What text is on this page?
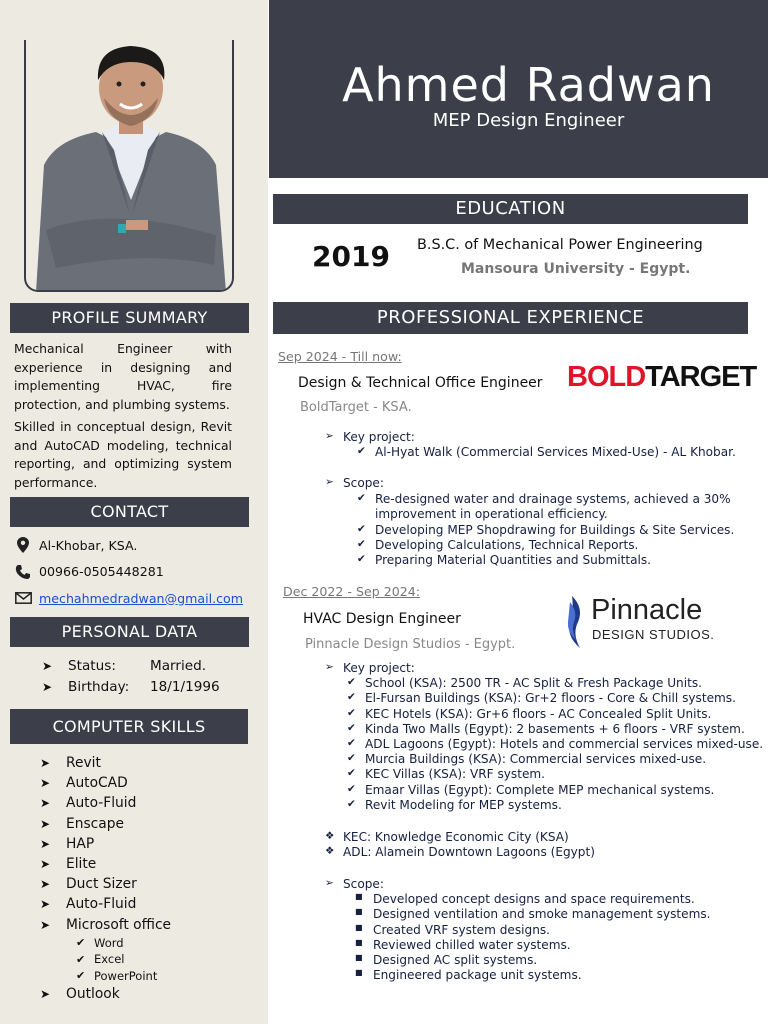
PROFILE SUMMARY

Mechanical Engineer with experience in designing and implementing HVAC, fire protection, and plumbing systems.

Skilled in conceptual design, Revit and AutoCAD modeling, technical reporting, and optimizing system performance.

CONTACT
Al-Khobar, KSA.
00966-0505448281
mechahmedradwan@gmail.com
PERSONAL DATA
➤	Status:	Married.
➤	Birthday:	18/1/1996
COMPUTER SKILLS
➤	Revit
➤	AutoCAD
➤	Auto-Fluid
➤	Enscape
➤	HAP
➤	Elite
➤	Duct Sizer
➤	Auto-Fluid
➤	Microsoft office
✔ Word
✔ Excel
✔ PowerPoint
➤	Outlook
Ahmed Radwan
MEP Design Engineer
EDUCATION
2019 B.S.C. of Mechanical Power Engineering
Mansoura University - Egypt.
PROFESSIONAL EXPERIENCE
Sep 2024 - Till now:
Design & Technical Office Engineer
BoldTarget - KSA.
BOLDTARGET
➢ Key project:
✔ Al-Hyat Walk (Commercial Services Mixed-Use) - AL Khobar.
➢ Scope:
✔ Re-designed water and drainage systems, achieved a 30%
improvement in operational efficiency.
✔ Developing MEP Shopdrawing for Buildings & Site Services.
✔ Developing Calculations, Technical Reports.
✔ Preparing Material Quantities and Submittals.
Dec 2022 - Sep 2024:
HVAC Design Engineer
Pinnacle Design Studios - Egypt.
Pinnacle
DESIGN STUDIOS.
➢ Key project:
✔ School (KSA): 2500 TR - AC Split & Fresh Package Units.
✔ El-Fursan Buildings (KSA): Gr+2 floors - Core & Chill systems.
✔ KEC Hotels (KSA): Gr+6 floors - AC Concealed Split Units.
✔ Kinda Two Malls (Egypt): 2 basements + 6 floors - VRF system.
✔ ADL Lagoons (Egypt): Hotels and commercial services mixed-use.
✔ Murcia Buildings (KSA): Commercial services mixed-use.
✔ KEC Villas (KSA): VRF system.
✔ Emaar Villas (Egypt): Complete MEP mechanical systems.
✔ Revit Modeling for MEP systems.
❖ KEC: Knowledge Economic City (KSA)
❖ ADL: Alamein Downtown Lagoons (Egypt)
➢ Scope:
■ Developed concept designs and space requirements.
■ Designed ventilation and smoke management systems.
■ Created VRF system designs.
■ Reviewed chilled water systems.
■ Designed AC split systems.
■ Engineered package unit systems.
